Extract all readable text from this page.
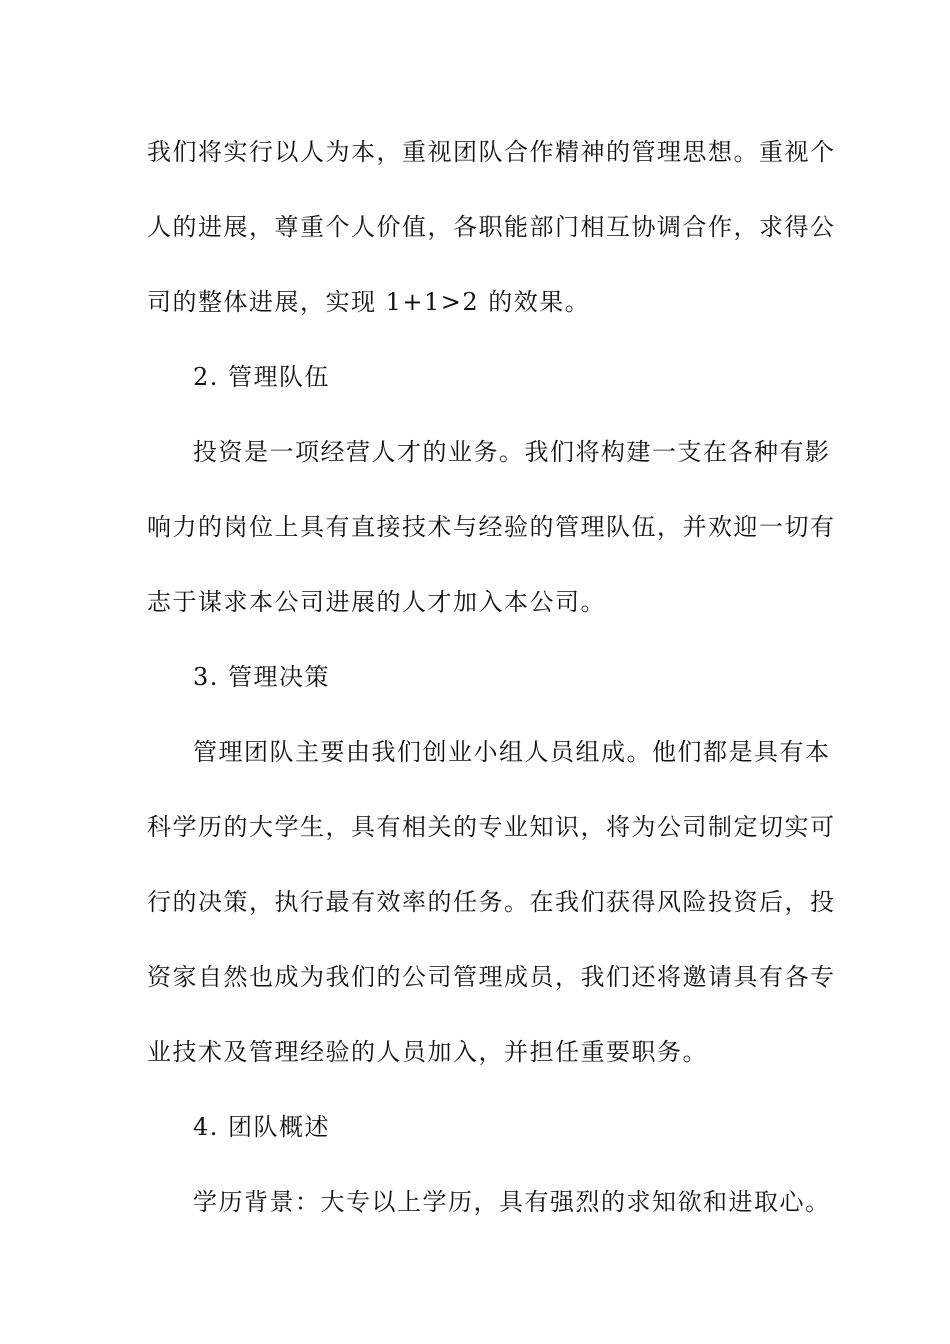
我们将实行以人为本，重视团队合作精神的管理思想。重视个
人的进展，尊重个人价值，各职能部门相互协调合作，求得公
司的整体进展，实现 1+1>2 的效果。
2. 管理队伍
投资是一项经营人才的业务。我们将构建一支在各种有影
响力的岗位上具有直接技术与经验的管理队伍，并欢迎一切有
志于谋求本公司进展的人才加入本公司。
3. 管理决策
管理团队主要由我们创业小组人员组成。他们都是具有本
科学历的大学生，具有相关的专业知识，将为公司制定切实可
行的决策，执行最有效率的任务。在我们获得风险投资后，投
资家自然也成为我们的公司管理成员，我们还将邀请具有各专
业技术及管理经验的人员加入，并担任重要职务。
4. 团队概述
学历背景：大专以上学历，具有强烈的求知欲和进取心。
